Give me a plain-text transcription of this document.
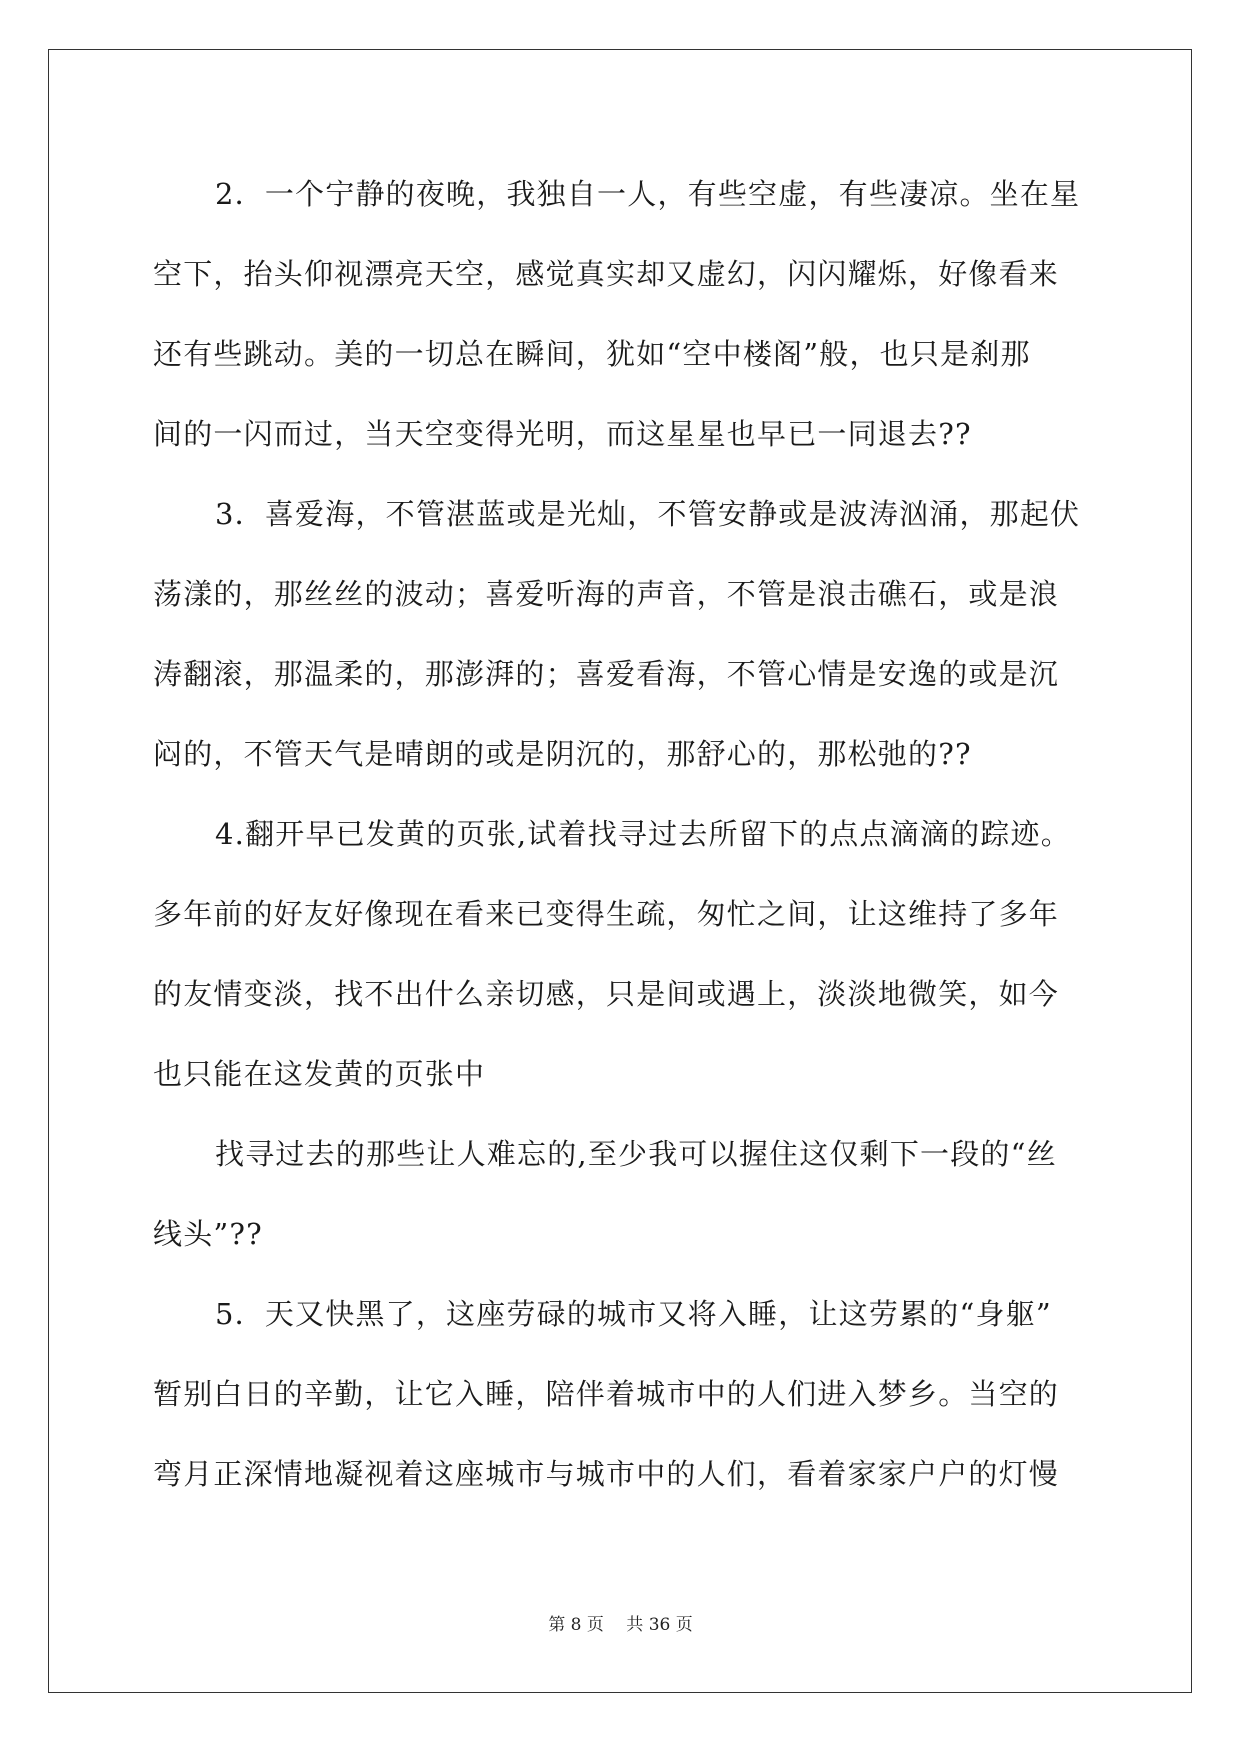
2．一个宁静的夜晚，我独自一人，有些空虚，有些凄凉。坐在星
空下，抬头仰视漂亮天空，感觉真实却又虚幻，闪闪耀烁，好像看来
还有些跳动。美的一切总在瞬间，犹如“空中楼阁”般，也只是刹那
间的一闪而过，当天空变得光明，而这星星也早已一同退去??
3．喜爱海，不管湛蓝或是光灿，不管安静或是波涛汹涌，那起伏
荡漾的，那丝丝的波动；喜爱听海的声音，不管是浪击礁石，或是浪
涛翻滚，那温柔的，那澎湃的；喜爱看海，不管心情是安逸的或是沉
闷的，不管天气是晴朗的或是阴沉的，那舒心的，那松弛的??
4.翻开早已发黄的页张,试着找寻过去所留下的点点滴滴的踪迹。
多年前的好友好像现在看来已变得生疏，匆忙之间，让这维持了多年
的友情变淡，找不出什么亲切感，只是间或遇上，淡淡地微笑，如今
也只能在这发黄的页张中
找寻过去的那些让人难忘的,至少我可以握住这仅剩下一段的“丝
线头”??
5．天又快黑了，这座劳碌的城市又将入睡，让这劳累的“身躯”
暂别白日的辛勤，让它入睡，陪伴着城市中的人们进入梦乡。当空的
弯月正深情地凝视着这座城市与城市中的人们，看着家家户户的灯慢
第 8 页　 共 36 页
